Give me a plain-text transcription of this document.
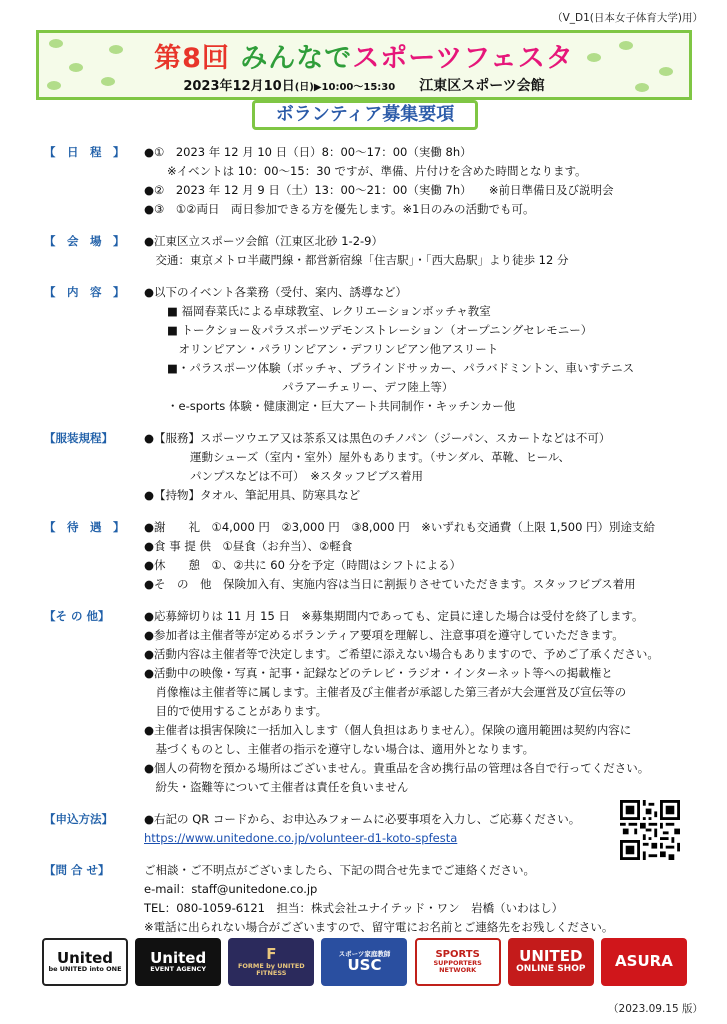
（V_D1(日本女子体育大学)用）
第8回 みんなでスポーツフェスタ
2023年12月10日(日)▶10:00～15:30 江東区スポーツ会館
ボランティア募集要項
【　日　程　】	●①　2023 年 12 月 10 日（日）8：00～17：00（実働 8h）
　　※イベントは 10：00～15：30 ですが、準備、片付けを含めた時間となります。
●②　2023 年 12 月 9 日（土）13：00～21：00（実働 7h）　　※前日準備日及び説明会
●③　①②両日　両日参加できる方を優先します。※1日のみの活動でも可。
【　会　場　】	●江東区立スポーツ会館（江東区北砂 1-2-9）
　交通：東京メトロ半蔵門線・都営新宿線「住吉駅」・「西大島駅」より徒歩 12 分
【　内　容　】	●以下のイベント各業務（受付、案内、誘導など）
　　■ 福岡春菜氏による卓球教室、レクリエーションボッチャ教室
　　■ トークショー＆パラスポーツデモンストレーション（オープニングセレモニー）
　　　オリンピアン・パラリンピアン・デフリンピアン他アスリート
　　■・パラスポーツ体験（ボッチャ、ブラインドサッカー、パラバドミントン、車いすテニス
　　　　　　　　　　　　パラアーチェリー、デフ陸上等）
　　・e-sports 体験・健康測定・巨大アート共同制作・キッチンカー他
【服装規程】	●【服務】スポーツウエア又は茶系又は黒色のチノパン（ジーパン、スカートなどは不可）
　　　　運動シューズ（室内・室外）屋外もあります。（サンダル、革靴、ヒール、
　　　　パンプスなどは不可）　※スタッフビブス着用
●【持物】タオル、筆記用具、防寒具など
【　待　遇　】	●謝　　礼　①4,000 円　②3,000 円　③8,000 円　※いずれも交通費（上限 1,500 円）別途支給
●食 事 提 供　①昼食（お弁当）、②軽食
●休　　憩　①、②共に 60 分を予定（時間はシフトによる）
●そ　の　他　保険加入有、実施内容は当日に割振りさせていただきます。スタッフビブス着用
【そ の 他】	●応募締切りは 11 月 15 日　※募集期間内であっても、定員に達した場合は受付を終了します。
●参加者は主催者等が定めるボランティア要項を理解し、注意事項を遵守していただきます。
●活動内容は主催者等で決定します。ご希望に添えない場合もありますので、予めご了承ください。
●活動中の映像・写真・記事・記録などのテレビ・ラジオ・インターネット等への掲載権と
　肖像権は主催者等に属します。主催者及び主催者が承認した第三者が大会運営及び宣伝等の
　目的で使用することがあります。
●主催者は損害保険に一括加入します（個人負担はありません）。保険の適用範囲は契約内容に
　基づくものとし、主催者の指示を遵守しない場合は、適用外となります。
●個人の荷物を預かる場所はございません。貴重品を含め携行品の管理は各自で行ってください。
　紛失・盗難等について主催者は責任を負いません
【申込方法】	●右記の QR コードから、お申込みフォームに必要事項を入力し、ご応募ください。
https://www.unitedone.co.jp/volunteer-d1-koto-spfesta
【問 合 せ】	ご相談・ご不明点がございましたら、下記の問合せ先までご連絡ください。
e-mail：staff@unitedone.co.jp
TEL：080-1059-6121　担当：株式会社ユナイテッド・ワン　岩橋（いわはし）
※電話に出られない場合がございますので、留守電にお名前とご連絡先をお残しください。
United
be UNITED into ONE
United
EVENT AGENCY
F
FORME by UNITED FITNESS
スポーツ家庭教師
USC
SPORTS
SUPPORTERS NETWORK
UNITED
ONLINE SHOP ASURA
（2023.09.15 版）
